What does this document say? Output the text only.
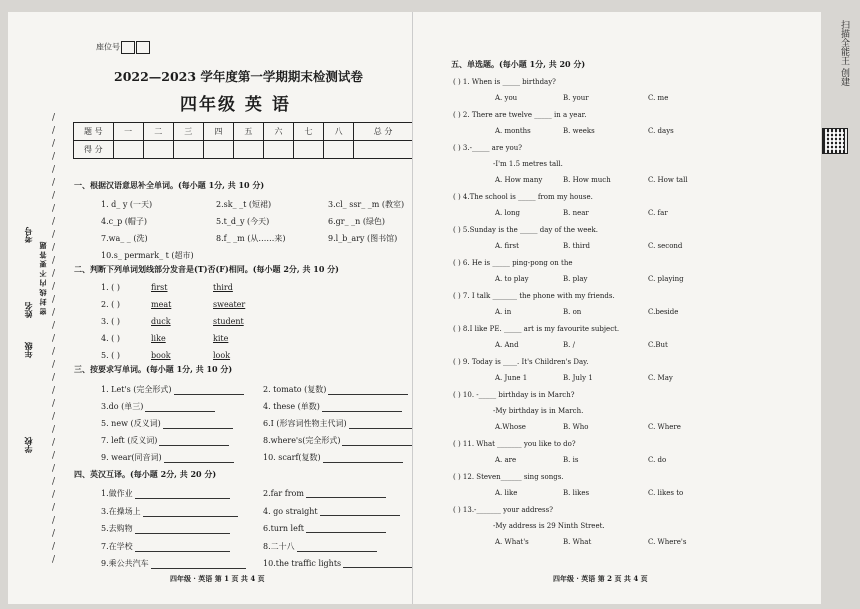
学校
年级
姓名
考号
密 封 线 内 不 要 答 题
/
/
/
/
/
/
/
/
/
/
/
/
/
/
/
/
/
/
/
/
/
/
/
/
/
/
/
/
/
/
/
/
/
/
/
座位号
2022—2023 学年度第一学期期末检测试卷
四年级 英 语
题 号	一	二	三	四	五	六	七	八	总 分
得 分									
一、根据汉语意思补全单词。(每小题 1分, 共 10 分)
1. d_ y (一天)	2.sk_ _t (短裙)	3.cl_ ssr_ _m (教室)
4.c_p (帽子)	5.t_d_y (今天)	6.gr_ _n (绿色)
7.wa_ _ (洗)	8.f_ _m (从……来)	9.l_b_ary (图书馆)
10.s_ permark_ t (超市)
二、判断下列单词划线部分发音是(T)否(F)相同。(每小题 2分, 共 10 分)
1. ( )	first	third
2. ( )	meat	sweater
3. ( )	duck	student
4. ( )	like	kite
5. ( )	book	look
三、按要求写单词。(每小题 1分, 共 10 分)
1. Let's (完全形式)	2. tomato (复数)
3.do (单三)	4. these (单数)
5. new (反义词)	6.I (形容词性物主代词)
7. left (反义词)	8.where's(完全形式)
9. wear(同音词)	10. scarf(复数)
四、英汉互译。(每小题 2分, 共 20 分)
1.做作业	2.far from
3.在操场上	4. go straight
5.去购物	6.turn left
7.在学校	8.二十八
9.乘公共汽车	10.the traffic lights
四年级 · 英语 第 1 页 共 4 页
五、单选题。(每小题 1分, 共 20 分)
( ) 1. When is _____ birthday?
A. you	B. your	C. me
( ) 2. There are twelve _____ in a year.
A. months	B. weeks	C. days
( ) 3.-_____ are you?
-I'm 1.5 metres tall.
A. How many	B. How much	C. How tall
( ) 4.The school is _____ from my house.
A. long	B. near	C. far
( ) 5.Sunday is the _____ day of the week.
A. first	B. third	C. second
( ) 6. He is _____ ping-pong on the
A. to play	B. play	C. playing
( ) 7. I talk _______ the phone with my friends.
A. in	B. on	C.beside
( ) 8.I like PE. _____ art is my favourite subject.
A. And	B. /	C.But
( ) 9. Today is ____. It's Children's Day.
A. June 1	B. July 1	C. May
( ) 10. -_____ birthday is in March?
-My birthday is in March.
A.Whose	B. Who	C. Where
( ) 11. What _______ you like to do?
A. are	B. is	C. do
( ) 12. Steven______ sing songs.
A. like	B. likes	C. likes to
( ) 13.-_______ your address?
-My address is 29 Ninth Street.
A. What's	B. What	C. Where's
四年级 · 英语 第 2 页 共 4 页
扫描全能王 创建
